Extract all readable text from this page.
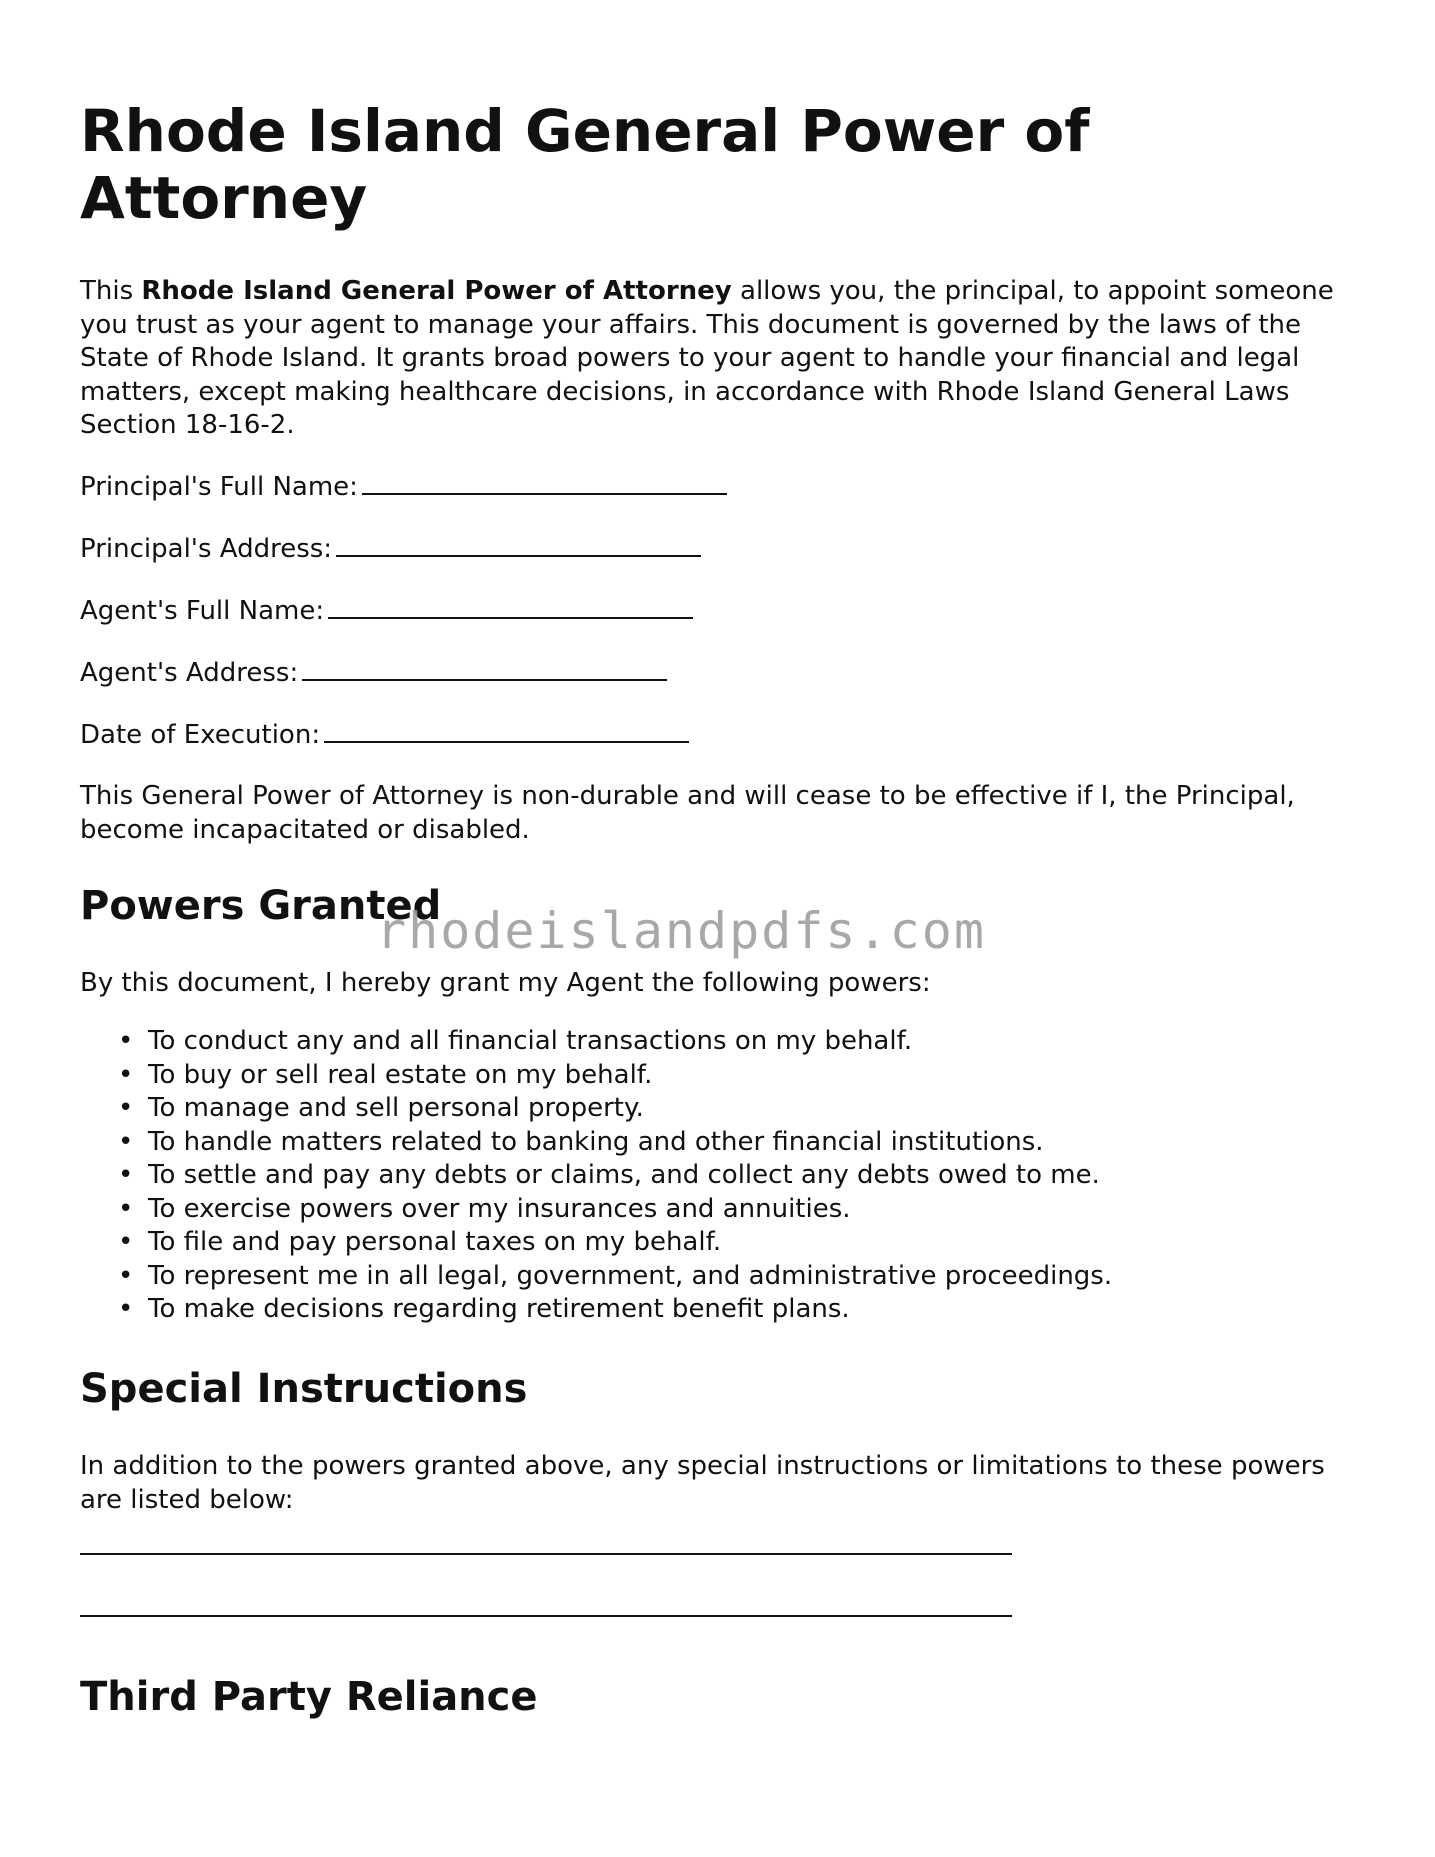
Rhode Island General Power of Attorney

This Rhode Island General Power of Attorney allows you, the principal, to appoint someone you trust as your agent to manage your affairs. This document is governed by the laws of the State of Rhode Island. It grants broad powers to your agent to handle your financial and legal matters, except making healthcare decisions, in accordance with Rhode Island General Laws Section 18-16-2.

Principal's Full Name:

Principal's Address:

Agent's Full Name:

Agent's Address:

Date of Execution:

This General Power of Attorney is non-durable and will cease to be effective if I, the Principal, become incapacitated or disabled.

Powers Granted

By this document, I hereby grant my Agent the following powers:

• To conduct any and all financial transactions on my behalf.
• To buy or sell real estate on my behalf.
• To manage and sell personal property.
• To handle matters related to banking and other financial institutions.
• To settle and pay any debts or claims, and collect any debts owed to me.
• To exercise powers over my insurances and annuities.
• To file and pay personal taxes on my behalf.
• To represent me in all legal, government, and administrative proceedings.
• To make decisions regarding retirement benefit plans.
Special Instructions

In addition to the powers granted above, any special instructions or limitations to these powers are listed below:

Third Party Reliance
rhodeislandpdfs.com
